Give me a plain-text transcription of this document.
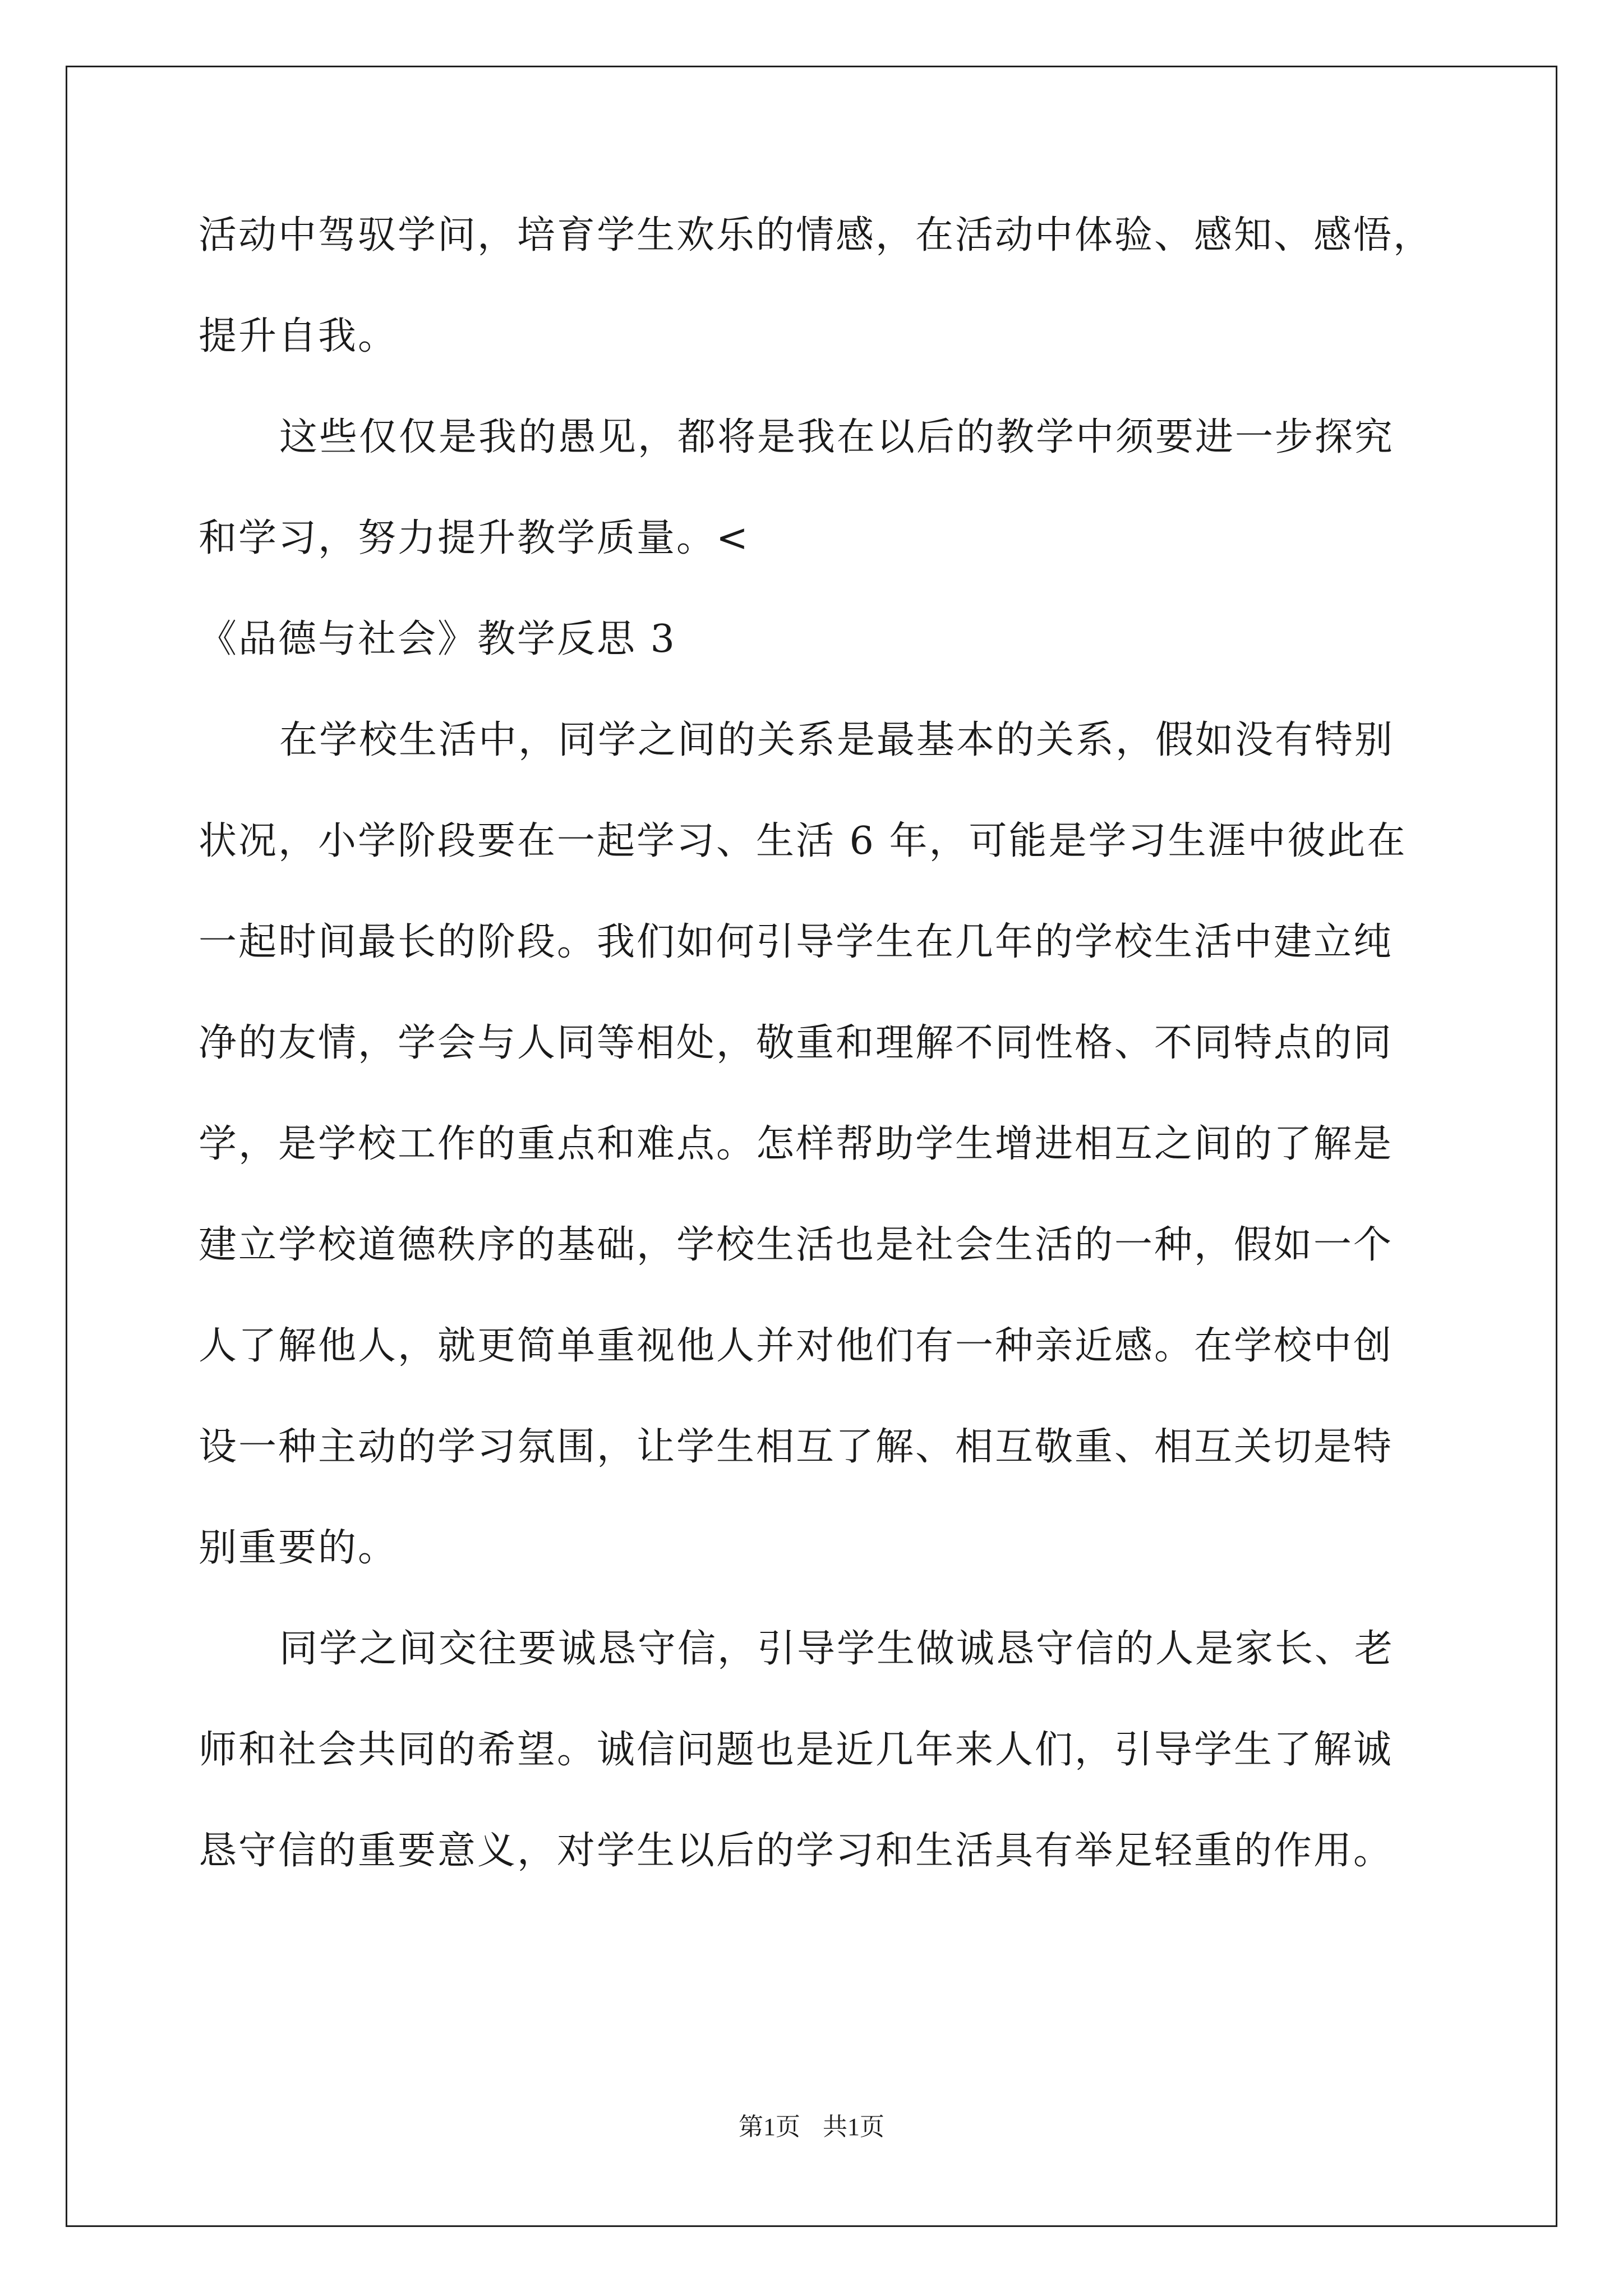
活动中驾驭学问，培育学生欢乐的情感，在活动中体验、感知、感悟，
提升自我。
这些仅仅是我的愚见，都将是我在以后的教学中须要进一步探究
和学习，努力提升教学质量。<
《品德与社会》教学反思 3
在学校生活中，同学之间的关系是最基本的关系，假如没有特别
状况，小学阶段要在一起学习、生活 6 年，可能是学习生涯中彼此在
一起时间最长的阶段。我们如何引导学生在几年的学校生活中建立纯
净的友情，学会与人同等相处，敬重和理解不同性格、不同特点的同
学，是学校工作的重点和难点。怎样帮助学生增进相互之间的了解是
建立学校道德秩序的基础，学校生活也是社会生活的一种，假如一个
人了解他人，就更简单重视他人并对他们有一种亲近感。在学校中创
设一种主动的学习氛围，让学生相互了解、相互敬重、相互关切是特
别重要的。
同学之间交往要诚恳守信，引导学生做诚恳守信的人是家长、老
师和社会共同的希望。诚信问题也是近几年来人们，引导学生了解诚
恳守信的重要意义，对学生以后的学习和生活具有举足轻重的作用。
第1页 共1页
